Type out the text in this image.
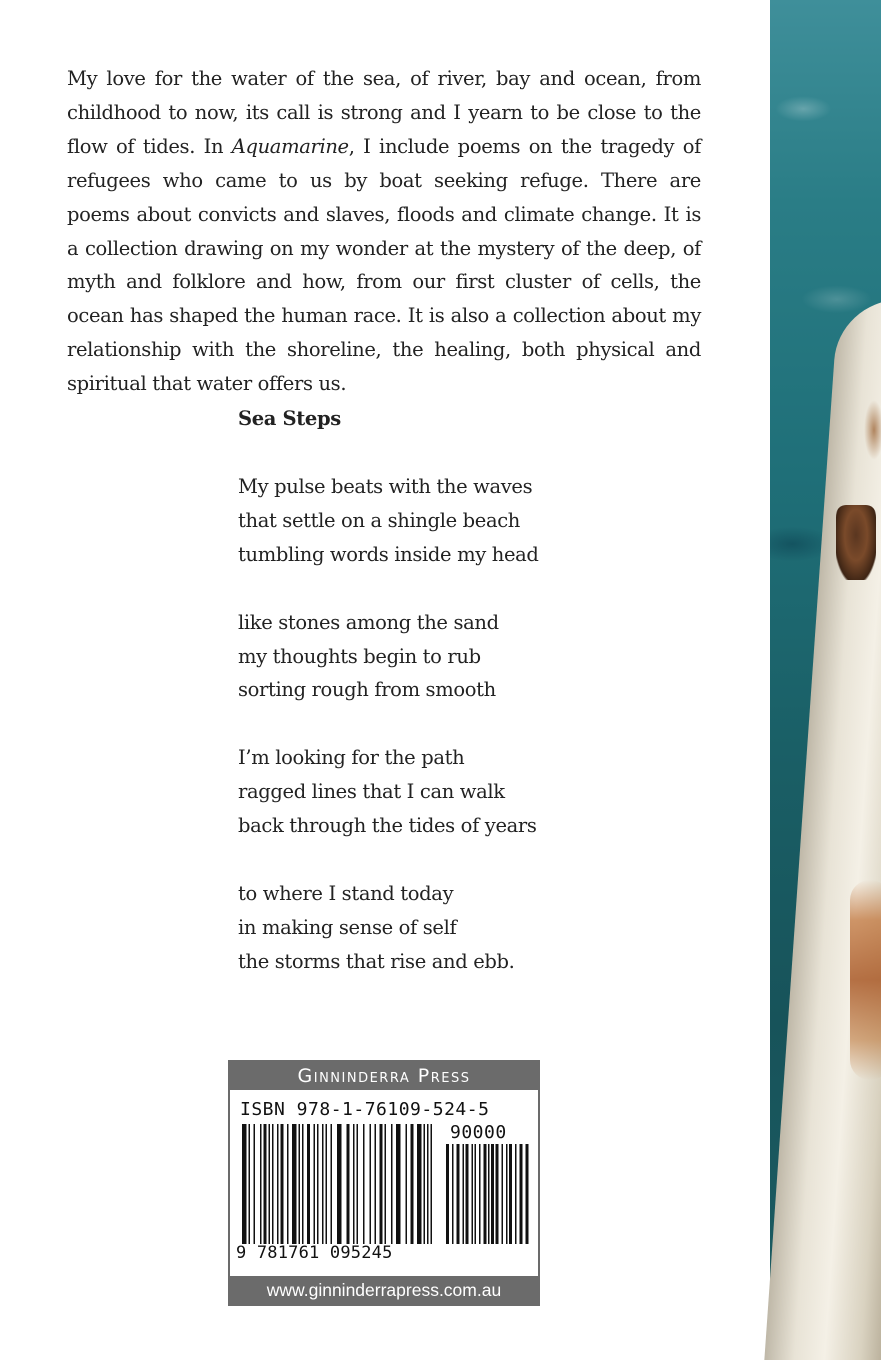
My love for the water of the sea, of river, bay and ocean, from childhood to now, its call is strong and I yearn to be close to the flow of tides. In Aquamarine, I include poems on the tragedy of refugees who came to us by boat seeking refuge. There are poems about convicts and slaves, floods and climate change. It is a collection drawing on my wonder at the mystery of the deep, of myth and folklore and how, from our first cluster of cells, the ocean has shaped the human race. It is also a collection about my relationship with the shoreline, the healing, both physical and spiritual that water offers us.

Sea Steps
My pulse beats with the waves
that settle on a shingle beach
tumbling words inside my head
like stones among the sand
my thoughts begin to rub
sorting rough from smooth
I’m looking for the path
ragged lines that I can walk
back through the tides of years
to where I stand today
in making sense of self
the storms that rise and ebb.
Ginninderra Press
ISBN 978-1-76109-524-5
90000
9 781761 095245
www.ginninderrapress.com.au
